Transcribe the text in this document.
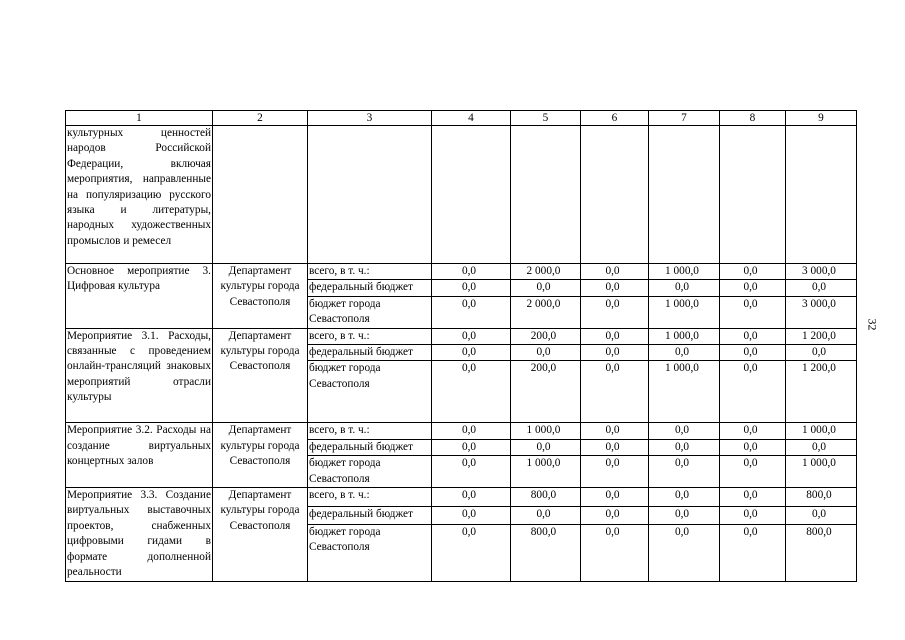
32
1	2	3	4	5	6	7	8	9
культурных ценностей народов Российской Федерации, включая мероприятия, направленные на популяризацию русского языка и литературы, народных художественных промыслов и ремесел								
Основное мероприятие 3. Цифровая культура	Департамент культуры города Севастополя	всего, в т. ч.:	0,0	2 000,0	0,0	1 000,0	0,0	3 000,0
		федеральный бюджет	0,0	0,0	0,0	0,0	0,0	0,0
		бюджет города Севастополя	0,0	2 000,0	0,0	1 000,0	0,0	3 000,0
Мероприятие 3.1. Расходы, связанные с проведением онлайн-трансляций знаковых мероприятий отрасли культуры	Департамент культуры города Севастополя	всего, в т. ч.:	0,0	200,0	0,0	1 000,0	0,0	1 200,0
		федеральный бюджет	0,0	0,0	0,0	0,0	0,0	0,0
		бюджет города Севастополя	0,0	200,0	0,0	1 000,0	0,0	1 200,0
Мероприятие 3.2. Расходы на создание виртуальных концертных залов	Департамент культуры города Севастополя	всего, в т. ч.:	0,0	1 000,0	0,0	0,0	0,0	1 000,0
		федеральный бюджет	0,0	0,0	0,0	0,0	0,0	0,0
		бюджет города Севастополя	0,0	1 000,0	0,0	0,0	0,0	1 000,0
Мероприятие 3.3. Создание виртуальных выставочных проектов, снабженных цифровыми гидами в формате дополненной реальности	Департамент культуры города Севастополя	всего, в т. ч.:	0,0	800,0	0,0	0,0	0,0	800,0
		федеральный бюджет	0,0	0,0	0,0	0,0	0,0	0,0
		бюджет города Севастополя	0,0	800,0	0,0	0,0	0,0	800,0
